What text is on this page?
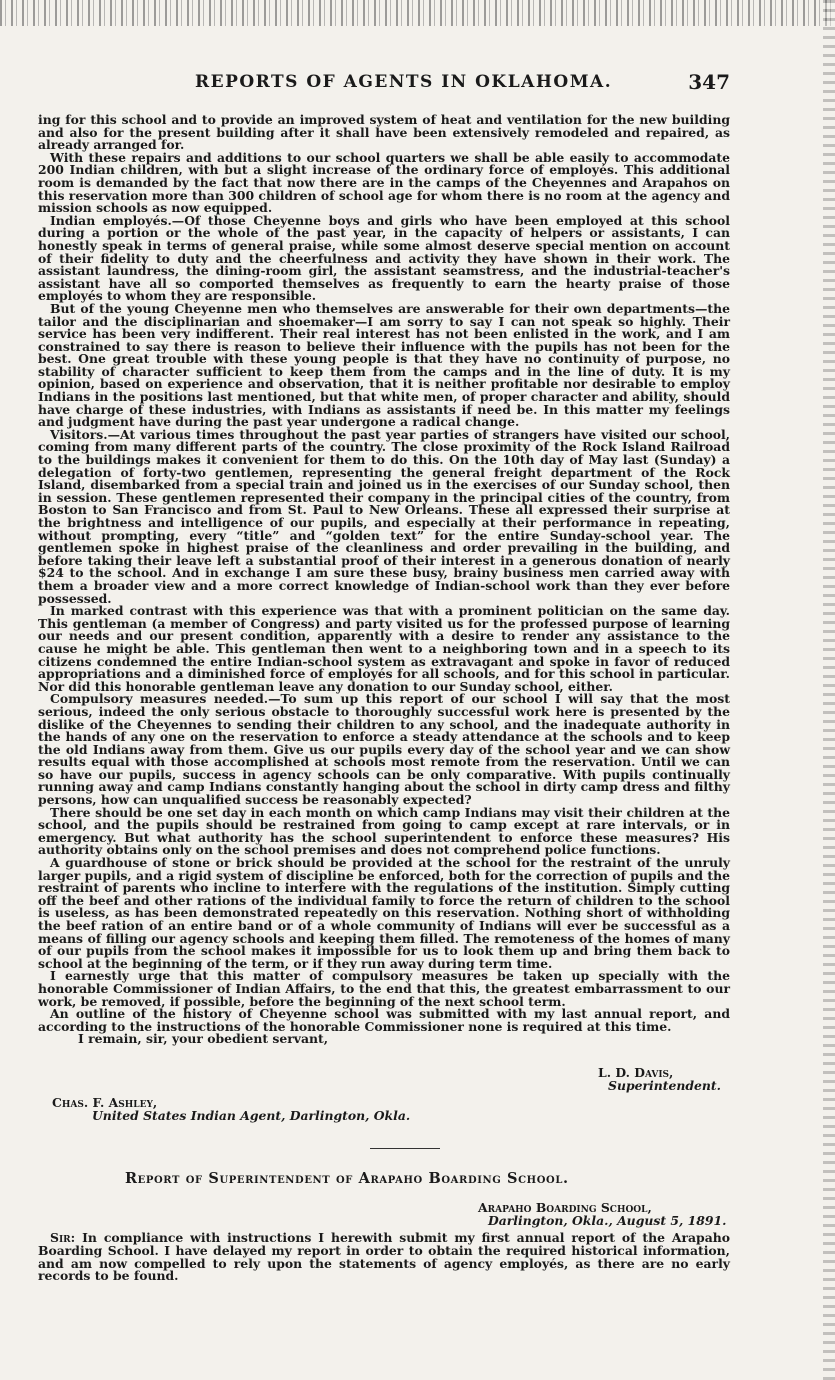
REPORTS OF AGENTS IN OKLAHOMA.	347

ing for this school and to provide an improved system of heat and ventilation for the new building and also for the present building after it shall have been extensively remodeled and repaired, as already arranged for.

With these repairs and additions to our school quarters we shall be able easily to accommodate 200 Indian children, with but a slight increase of the ordinary force of employés. This additional room is demanded by the fact that now there are in the camps of the Cheyennes and Arapahos on this reservation more than 300 children of school age for whom there is no room at the agency and mission schools as now equipped.

Indian employés.—Of those Cheyenne boys and girls who have been employed at this school during a portion or the whole of the past year, in the capacity of helpers or assistants, I can honestly speak in terms of general praise, while some almost deserve special mention on account of their fidelity to duty and the cheerfulness and activity they have shown in their work. The assistant laundress, the dining-room girl, the assistant seamstress, and the industrial-teacher's assistant have all so comported themselves as frequently to earn the hearty praise of those employés to whom they are responsible.

But of the young Cheyenne men who themselves are answerable for their own departments—the tailor and the disciplinarian and shoemaker—I am sorry to say I can not speak so highly. Their service has been very indifferent. Their real interest has not been enlisted in the work, and I am constrained to say there is reason to believe their influence with the pupils has not been for the best. One great trouble with these young people is that they have no continuity of purpose, no stability of character sufficient to keep them from the camps and in the line of duty. It is my opinion, based on experience and observation, that it is neither profitable nor desirable to employ Indians in the positions last mentioned, but that white men, of proper character and ability, should have charge of these industries, with Indians as assistants if need be. In this matter my feelings and judgment have during the past year undergone a radical change.

Visitors.—At various times throughout the past year parties of strangers have visited our school, coming from many different parts of the country. The close proximity of the Rock Island Railroad to the buildings makes it convenient for them to do this. On the 10th day of May last (Sunday) a delegation of forty-two gentlemen, representing the general freight department of the Rock Island, disembarked from a special train and joined us in the exercises of our Sunday school, then in session. These gentlemen represented their company in the principal cities of the country, from Boston to San Francisco and from St. Paul to New Orleans. These all expressed their surprise at the brightness and intelligence of our pupils, and especially at their performance in repeating, without prompting, every “title” and “golden text” for the entire Sunday-school year. The gentlemen spoke in highest praise of the cleanliness and order prevailing in the building, and before taking their leave left a substantial proof of their interest in a generous donation of nearly $24 to the school. And in exchange I am sure these busy, brainy business men carried away with them a broader view and a more correct knowledge of Indian-school work than they ever before possessed.

In marked contrast with this experience was that with a prominent politician on the same day. This gentleman (a member of Congress) and party visited us for the professed purpose of learning our needs and our present condition, apparently with a desire to render any assistance to the cause he might be able. This gentleman then went to a neighboring town and in a speech to its citizens condemned the entire Indian-school system as extravagant and spoke in favor of reduced appropriations and a diminished force of employés for all schools, and for this school in particular. Nor did this honorable gentleman leave any donation to our Sunday school, either.

Compulsory measures needed.—To sum up this report of our school I will say that the most serious, indeed the only serious obstacle to thoroughly successful work here is presented by the dislike of the Cheyennes to sending their children to any school, and the inadequate authority in the hands of any one on the reservation to enforce a steady attendance at the schools and to keep the old Indians away from them. Give us our pupils every day of the school year and we can show results equal with those accomplished at schools most remote from the reservation. Until we can so have our pupils, success in agency schools can be only comparative. With pupils continually running away and camp Indians constantly hanging about the school in dirty camp dress and filthy persons, how can unqualified success be reasonably expected?

There should be one set day in each month on which camp Indians may visit their children at the school, and the pupils should be restrained from going to camp except at rare intervals, or in emergency. But what authority has the school superintendent to enforce these measures? His authority obtains only on the school premises and does not comprehend police functions.

A guardhouse of stone or brick should be provided at the school for the restraint of the unruly larger pupils, and a rigid system of discipline be enforced, both for the correction of pupils and the restraint of parents who incline to interfere with the regulations of the institution. Simply cutting off the beef and other rations of the individual family to force the return of children to the school is useless, as has been demonstrated repeatedly on this reservation. Nothing short of withholding the beef ration of an entire band or of a whole community of Indians will ever be successful as a means of filling our agency schools and keeping them filled. The remoteness of the homes of many of our pupils from the school makes it impossible for us to look them up and bring them back to school at the beginning of the term, or if they run away during term time.

I earnestly urge that this matter of compulsory measures be taken up specially with the honorable Commissioner of Indian Affairs, to the end that this, the greatest embarrassment to our work, be removed, if possible, before the beginning of the next school term.

An outline of the history of Cheyenne school was submitted with my last annual report, and according to the instructions of the honorable Commissioner none is required at this time.

I remain, sir, your obedient servant,

L. D. Davis,
Superintendent.
Chas. F. Ashley,
United States Indian Agent, Darlington, Okla.
Report of Superintendent of Arapaho Boarding School.
Arapaho Boarding School,
Darlington, Okla., August 5, 1891.
Sir: In compliance with instructions I herewith submit my first annual report of the Arapaho Boarding School. I have delayed my report in order to obtain the required historical information, and am now compelled to rely upon the statements of agency employés, as there are no early records to be found.
